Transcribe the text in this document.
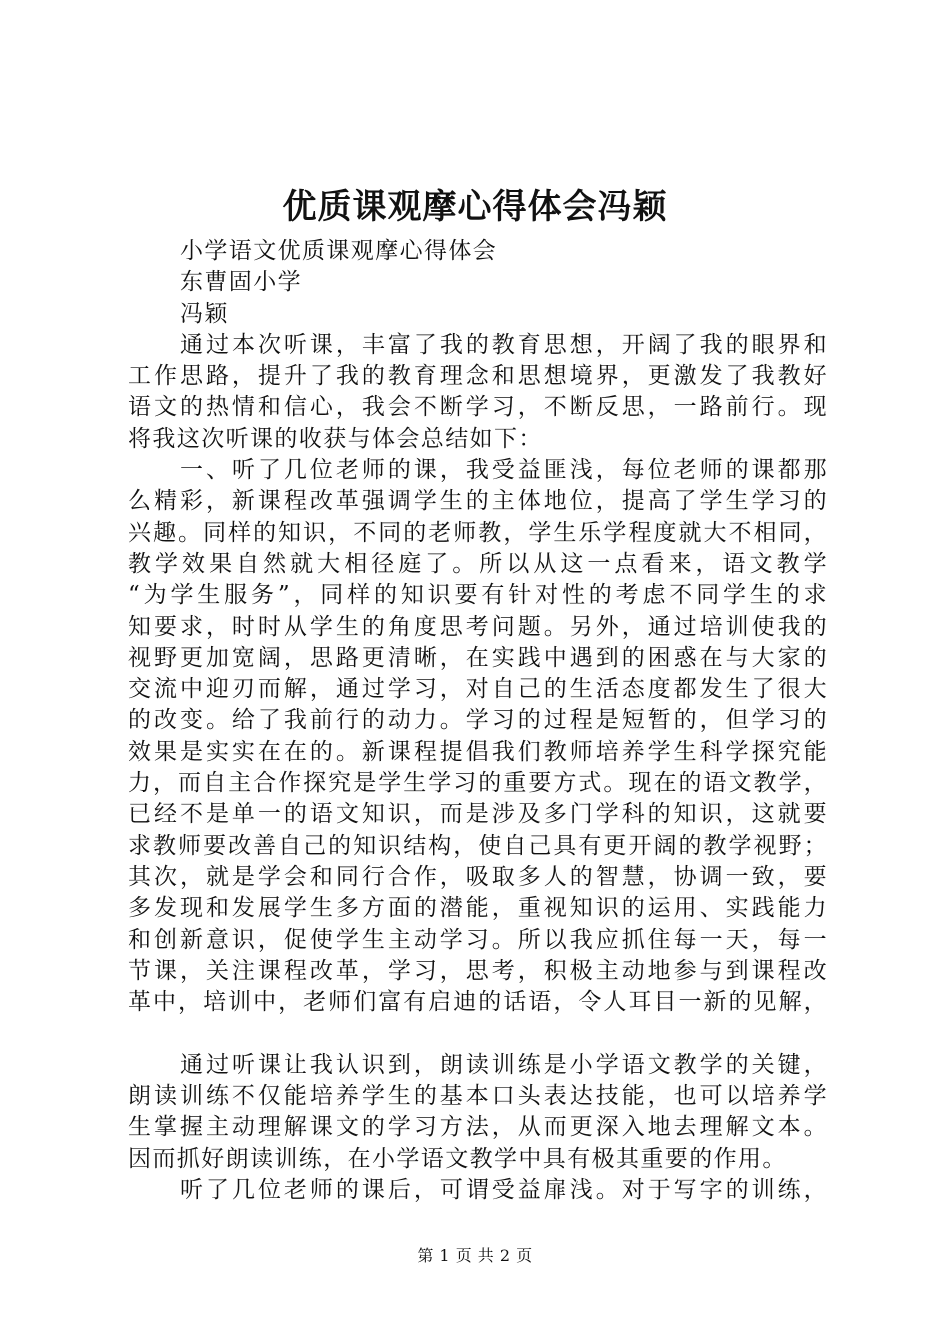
优质课观摩心得体会冯颖
小学语文优质课观摩心得体会
东曹固小学
冯颖
通过本次听课，丰富了我的教育思想，开阔了我的眼界和
工作思路，提升了我的教育理念和思想境界，更激发了我教好
语文的热情和信心，我会不断学习，不断反思，一路前行。现
将我这次听课的收获与体会总结如下：
一、听了几位老师的课，我受益匪浅，每位老师的课都那
么精彩，新课程改革强调学生的主体地位，提高了学生学习的
兴趣。同样的知识，不同的老师教，学生乐学程度就大不相同，
教学效果自然就大相径庭了。所以从这一点看来，语文教学
“为学生服务”，同样的知识要有针对性的考虑不同学生的求
知要求，时时从学生的角度思考问题。另外，通过培训使我的
视野更加宽阔，思路更清晰，在实践中遇到的困惑在与大家的
交流中迎刃而解，通过学习，对自己的生活态度都发生了很大
的改变。给了我前行的动力。学习的过程是短暂的，但学习的
效果是实实在在的。新课程提倡我们教师培养学生科学探究能
力，而自主合作探究是学生学习的重要方式。现在的语文教学，
已经不是单一的语文知识，而是涉及多门学科的知识，这就要
求教师要改善自己的知识结构，使自己具有更开阔的教学视野；
其次，就是学会和同行合作，吸取多人的智慧，协调一致，要
多发现和发展学生多方面的潜能，重视知识的运用、实践能力
和创新意识，促使学生主动学习。所以我应抓住每一天，每一
节课，关注课程改革，学习，思考，积极主动地参与到课程改
革中，培训中，老师们富有启迪的话语，令人耳目一新的见解，
通过听课让我认识到，朗读训练是小学语文教学的关键，
朗读训练不仅能培养学生的基本口头表达技能，也可以培养学
生掌握主动理解课文的学习方法，从而更深入地去理解文本。
因而抓好朗读训练，在小学语文教学中具有极其重要的作用。
听了几位老师的课后，可谓受益扉浅。对于写字的训练，
第 1 页 共 2 页
